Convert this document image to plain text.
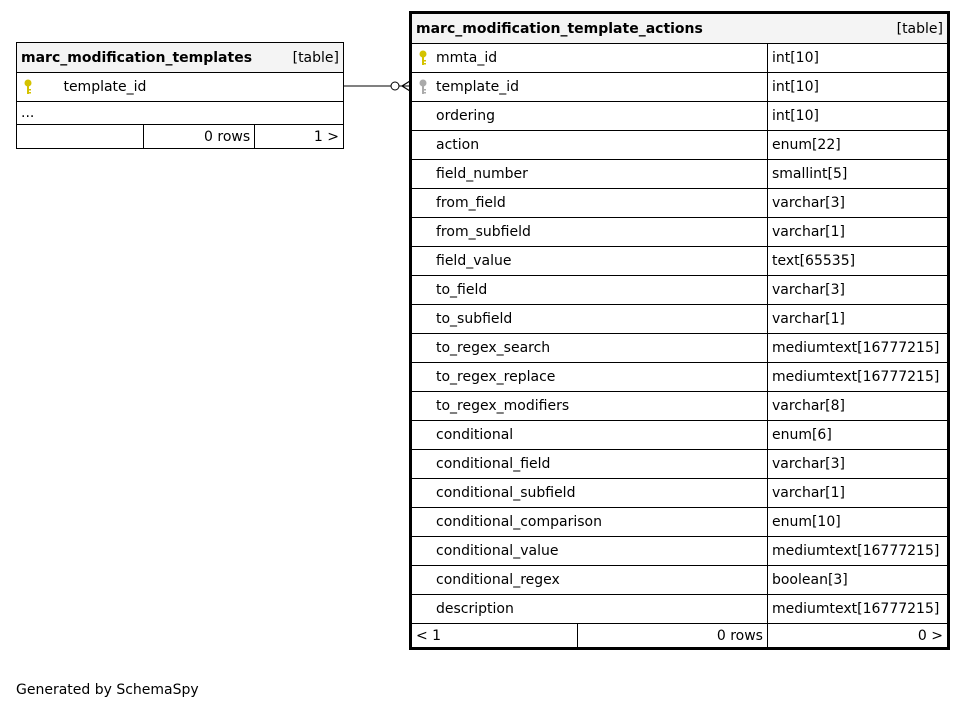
marc_modification_templates	[table]

template_id
...
	0 rows	1 >
marc_modification_template_actions [table]		

mmta_id		int[10]

template_id		int[10]
ordering		int[10]
action		enum[22]
field_number		smallint[5]
from_field		varchar[3]
from_subfield		varchar[1]
field_value		text[65535]
to_field		varchar[3]
to_subfield		varchar[1]
to_regex_search		mediumtext[16777215]
to_regex_replace		mediumtext[16777215]
to_regex_modifiers		varchar[8]
conditional		enum[6]
conditional_field		varchar[3]
conditional_subfield		varchar[1]
conditional_comparison		enum[10]
conditional_value		mediumtext[16777215]
conditional_regex		boolean[3]
description		mediumtext[16777215]
< 1	0 rows	0 >
Generated by SchemaSpy
